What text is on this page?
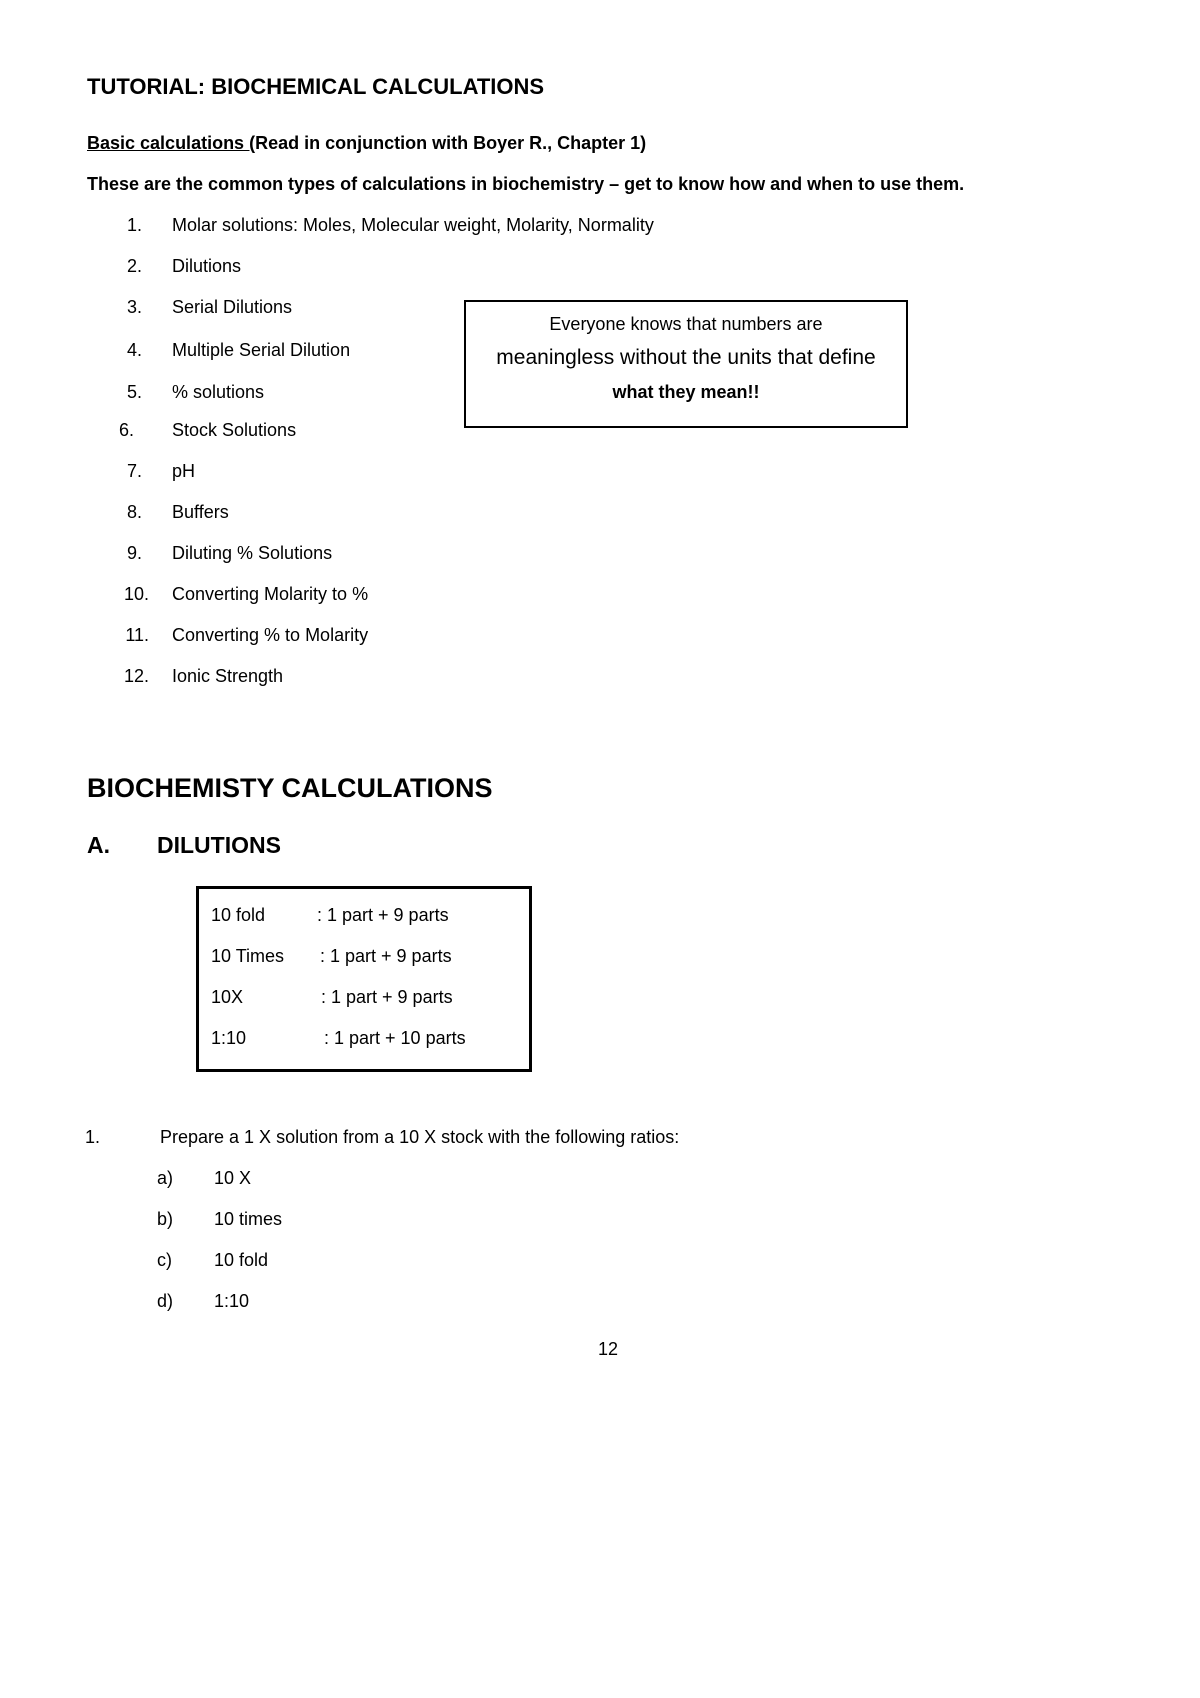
TUTORIAL: BIOCHEMICAL CALCULATIONS
Basic calculations (Read in conjunction with Boyer R., Chapter 1)
These are the common types of calculations in biochemistry – get to know how and when to use them.
1. Molar solutions: Moles, Molecular weight, Molarity, Normality
2. Dilutions
3. Serial Dilutions
4. Multiple Serial Dilution
5. % solutions
6. Stock Solutions
7. pH
8. Buffers
9. Diluting % Solutions
10. Converting Molarity to %
11. Converting % to Molarity
12. Ionic Strength
Everyone knows that numbers are
meaningless without the units that define
what they mean!!
BIOCHEMISTY CALCULATIONS
A. DILUTIONS
10 fold	: 1 part + 9 parts
10 Times : 1 part + 9 parts
10X	: 1 part + 9 parts
1:10	: 1 part + 10 parts
1.	Prepare a 1 X solution from a 10 X stock with the following ratios:
a) 10 X
b) 10 times
c) 10 fold
d) 1:10
12
